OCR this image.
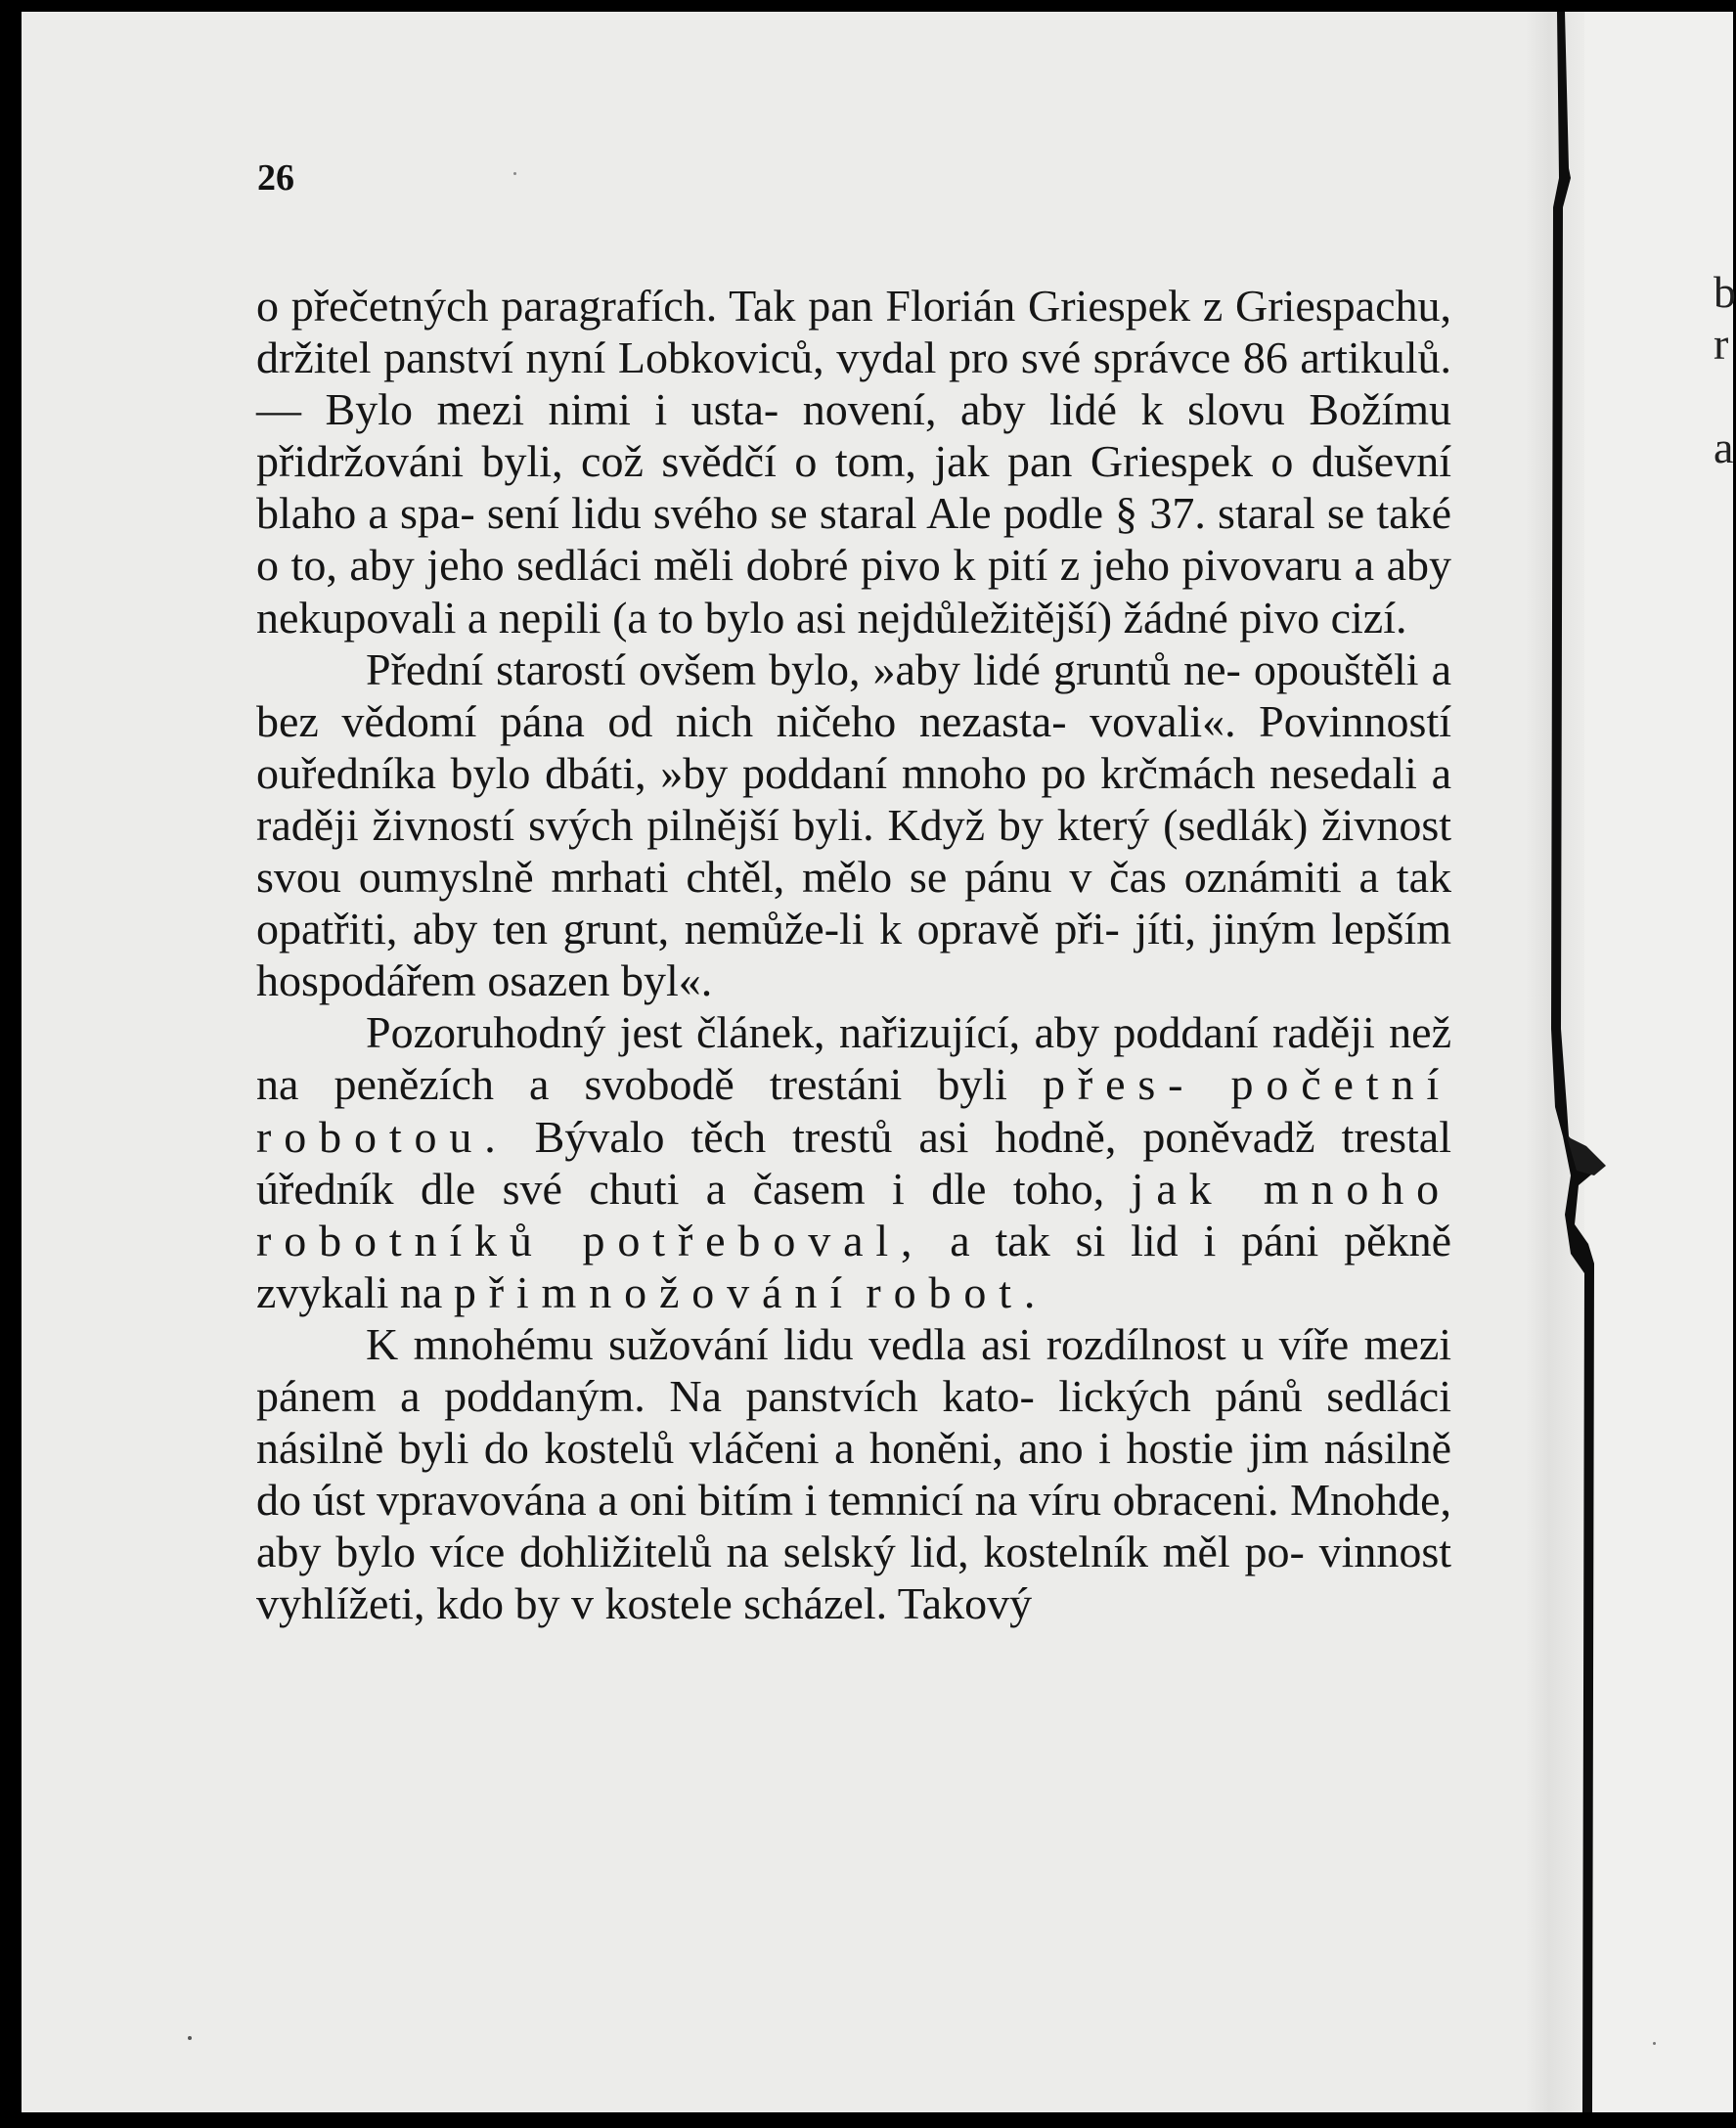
b
r

a
26

o přečetných paragrafích. Tak pan Florián Griespek z Griespachu, držitel panství nyní Lobkoviců, vydal pro své správce 86 artikulů. — Bylo mezi nimi i usta- novení, aby lidé k slovu Božímu přidržováni byli, což svědčí o tom, jak pan Griespek o duševní blaho a spa- sení lidu svého se staral Ale podle § 37. staral se také o to, aby jeho sedláci měli dobré pivo k pití z jeho pivovaru a aby nekupovali a nepili (a to bylo asi nejdůležitější) žádné pivo cizí.

Přední starostí ovšem bylo, »aby lidé gruntů ne- opouštěli a bez vědomí pána od nich ničeho nezasta- vovali«. Povinností ouředníka bylo dbáti, »by poddaní mnoho po krčmách nesedali a raději živností svých pilnější byli. Když by který (sedlák) živnost svou oumyslně mrhati chtěl, mělo se pánu v čas oznámiti a tak opatřiti, aby ten grunt, nemůže-li k opravě při- jíti, jiným lepším hospodářem osazen byl«.

Pozoruhodný jest článek, nařizující, aby poddaní raději než na penězích a svobodě trestáni byli přes- početní robotou. Bývalo těch trestů asi hodně, poněvadž trestal úředník dle své chuti a časem i dle toho, jak mnoho robotníků potřeboval, a tak si lid i páni pěkně zvykali na přimnožování robot.

K mnohému sužování lidu vedla asi rozdílnost u víře mezi pánem a poddaným. Na panstvích kato- lických pánů sedláci násilně byli do kostelů vláčeni a honěni, ano i hostie jim násilně do úst vpravována a oni bitím i temnicí na víru obraceni. Mnohde, aby bylo více dohližitelů na selský lid, kostelník měl po- vinnost vyhlížeti, kdo by v kostele scházel. Takový
